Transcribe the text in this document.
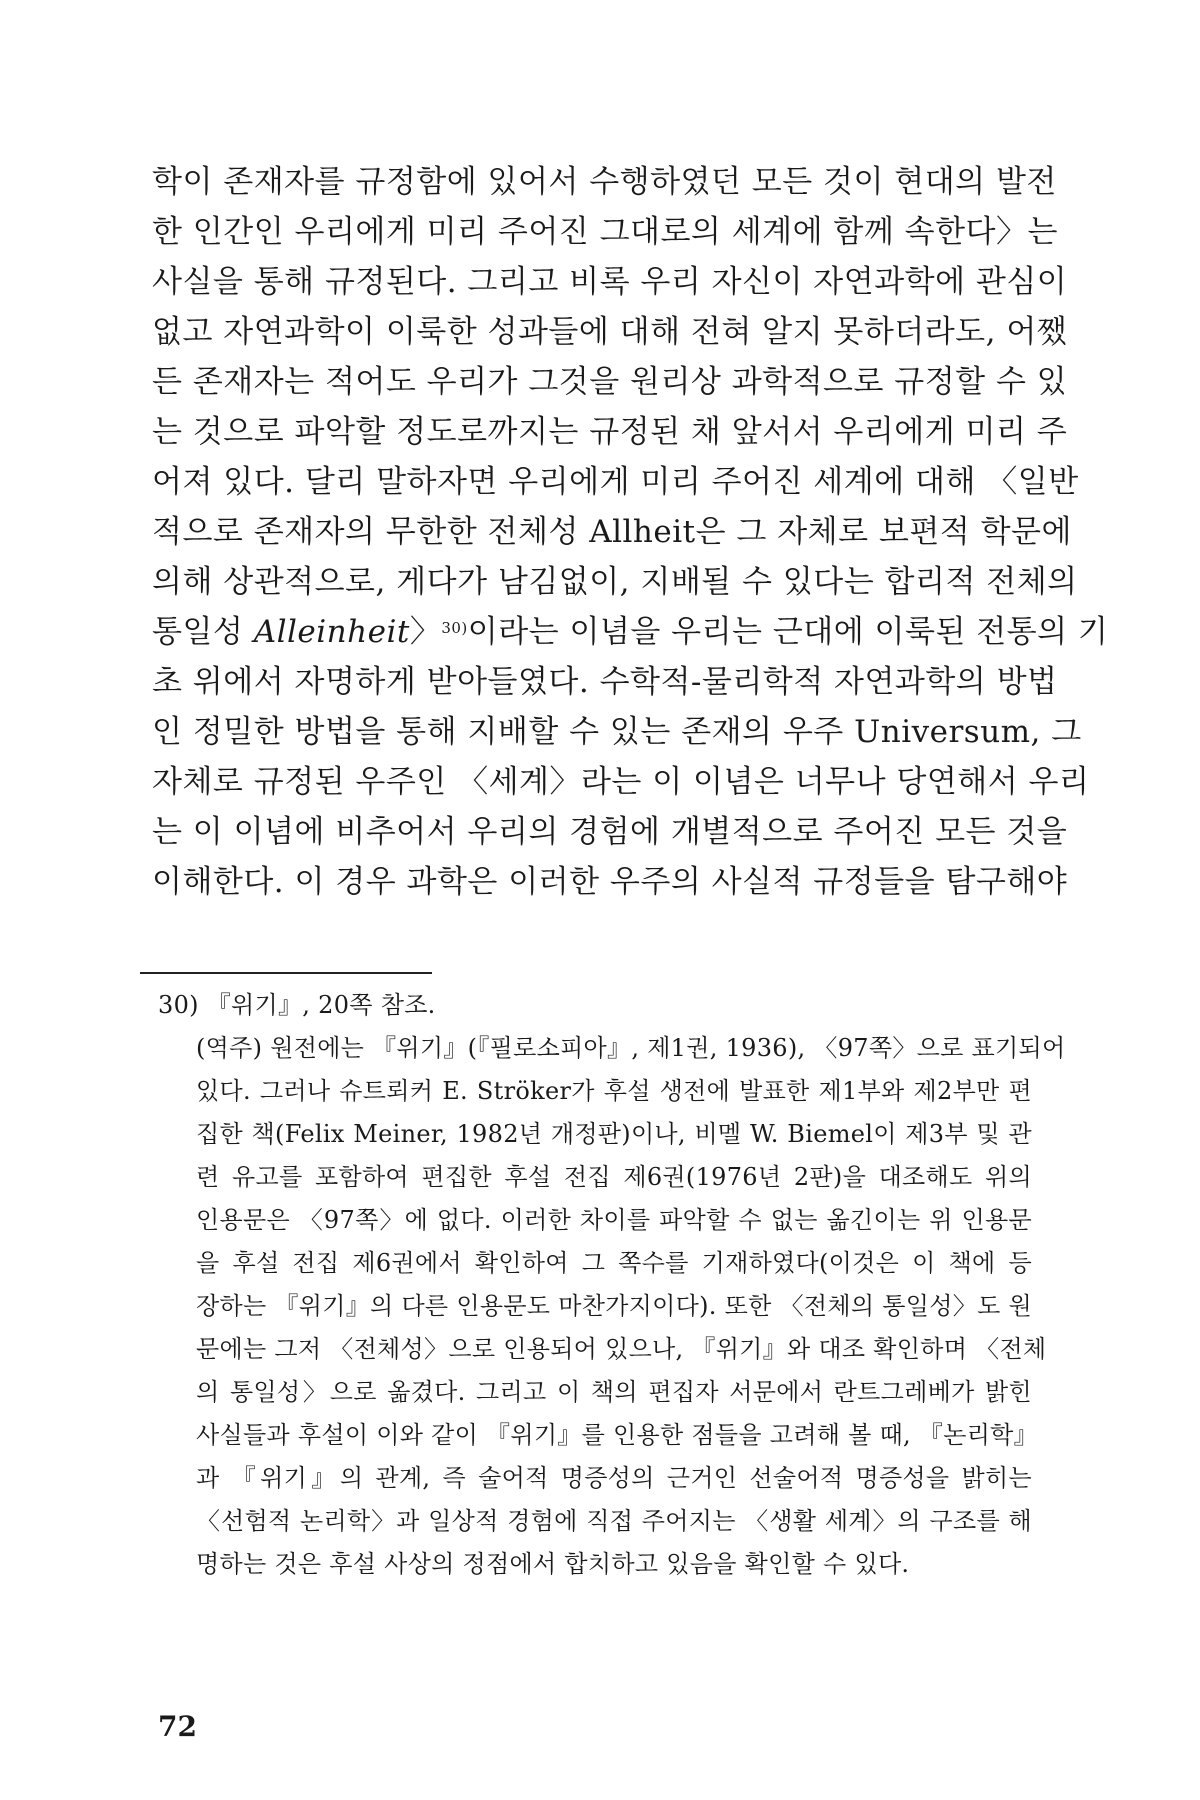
학이 존재자를 규정함에 있어서 수행하였던 모든 것이 현대의 발전
한 인간인 우리에게 미리 주어진 그대로의 세계에 함께 속한다〉는
사실을 통해 규정된다. 그리고 비록 우리 자신이 자연과학에 관심이
없고 자연과학이 이룩한 성과들에 대해 전혀 알지 못하더라도, 어쨌
든 존재자는 적어도 우리가 그것을 원리상 과학적으로 규정할 수 있
는 것으로 파악할 정도로까지는 규정된 채 앞서서 우리에게 미리 주
어져 있다. 달리 말하자면 우리에게 미리 주어진 세계에 대해 〈일반
적으로 존재자의 무한한 전체성 Allheit은 그 자체로 보편적 학문에
의해 상관적으로, 게다가 남김없이, 지배될 수 있다는 합리적 전체의
통일성 Alleinheit〉$^{30)}$이라는 이념을 우리는 근대에 이룩된 전통의 기
초 위에서 자명하게 받아들였다. 수학적-물리학적 자연과학의 방법
인 정밀한 방법을 통해 지배할 수 있는 존재의 우주 Universum, 그
자체로 규정된 우주인 〈세계〉라는 이 이념은 너무나 당연해서 우리
는 이 이념에 비추어서 우리의 경험에 개별적으로 주어진 모든 것을
이해한다. 이 경우 과학은 이러한 우주의 사실적 규정들을 탐구해야
30) 『위기』, 20쪽 참조.
(역주) 원전에는 『위기』(『필로소피아』, 제1권, 1936), 〈97쪽〉으로 표기되어
있다. 그러나 슈트뢰커 E. Ströker가 후설 생전에 발표한 제1부와 제2부만 편
집한 책(Felix Meiner, 1982년 개정판)이나, 비멜 W. Biemel이 제3부 및 관
련 유고를 포함하여 편집한 후설 전집 제6권(1976년 2판)을 대조해도 위의
인용문은 〈97쪽〉에 없다. 이러한 차이를 파악할 수 없는 옮긴이는 위 인용문
을 후설 전집 제6권에서 확인하여 그 쪽수를 기재하였다(이것은 이 책에 등
장하는 『위기』의 다른 인용문도 마찬가지이다). 또한 〈전체의 통일성〉도 원
문에는 그저 〈전체성〉으로 인용되어 있으나, 『위기』와 대조 확인하며 〈전체
의 통일성〉으로 옮겼다. 그리고 이 책의 편집자 서문에서 란트그레베가 밝힌
사실들과 후설이 이와 같이 『위기』를 인용한 점들을 고려해 볼 때, 『논리학』
과 『위기』의 관계, 즉 술어적 명증성의 근거인 선술어적 명증성을 밝히는
〈선험적 논리학〉과 일상적 경험에 직접 주어지는 〈생활 세계〉의 구조를 해
명하는 것은 후설 사상의 정점에서 합치하고 있음을 확인할 수 있다.
72
